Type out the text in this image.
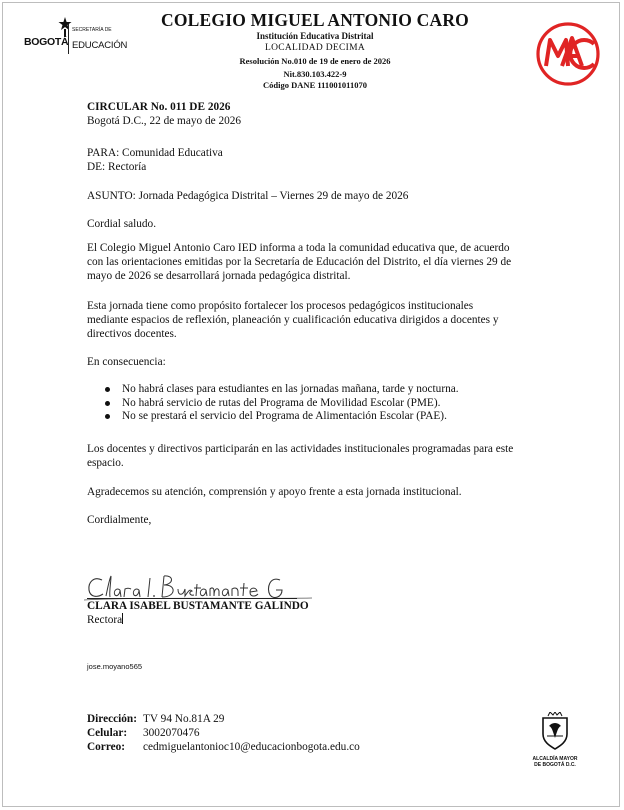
BOGOTÁ
SECRETARÍA DE
EDUCACIÓN
COLEGIO MIGUEL ANTONIO CARO
Institución Educativa Distrital
LOCALIDAD DECIMA
Resolución No.010 de 19 de enero de 2026
Nit.830.103.422-9
Código DANE 111001011070

CIRCULAR No. 011 DE 2026

Bogotá D.C., 22 de mayo de 2026

PARA: Comunidad Educativa

DE: Rectoría

ASUNTO: Jornada Pedagógica Distrital – Viernes 29 de mayo de 2026

Cordial saludo.

El Colegio Miguel Antonio Caro IED informa a toda la comunidad educativa que, de acuerdo

con las orientaciones emitidas por la Secretaría de Educación del Distrito, el día viernes 29 de

mayo de 2026 se desarrollará jornada pedagógica distrital.

Esta jornada tiene como propósito fortalecer los procesos pedagógicos institucionales

mediante espacios de reflexión, planeación y cualificación educativa dirigidos a docentes y

directivos docentes.

En consecuencia:

No habrá clases para estudiantes en las jornadas mañana, tarde y nocturna.
No habrá servicio de rutas del Programa de Movilidad Escolar (PME).
No se prestará el servicio del Programa de Alimentación Escolar (PAE).

Los docentes y directivos participarán en las actividades institucionales programadas para este

espacio.

Agradecemos su atención, comprensión y apoyo frente a esta jornada institucional.

Cordialmente,

CLARA ISABEL BUSTAMANTE GALINDO
Rectora
jose.moyano565
Dirección: TV 94 No.81A 29
Celular: 3002070476
Correo: cedmiguelantonioc10@educacionbogota.edu.co
ALCALDÍA MAYOR
DE BOGOTÁ D.C.
